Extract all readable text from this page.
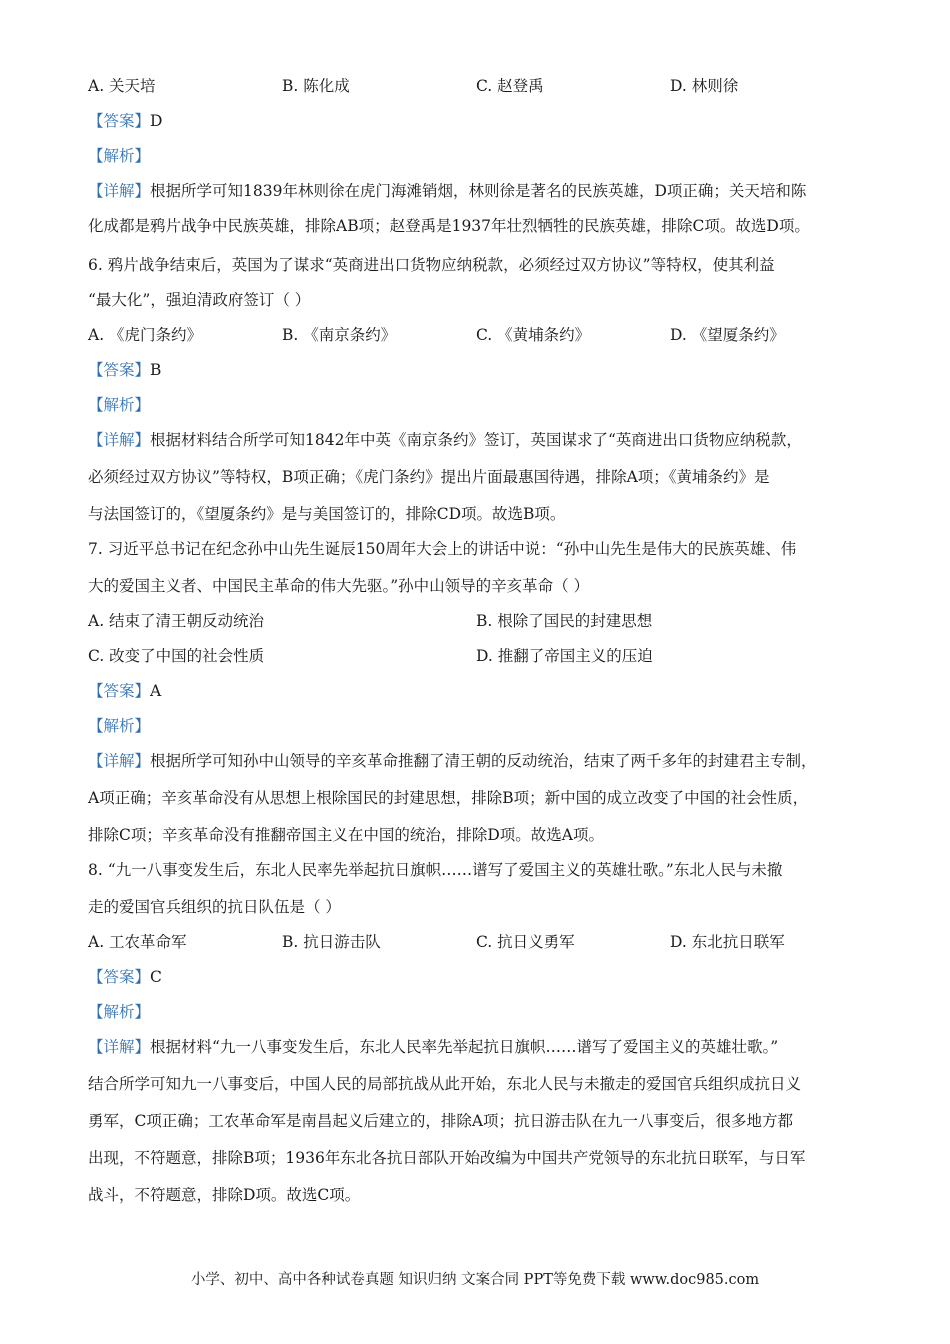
A. 关天培	B. 陈化成	C. 赵登禹	D. 林则徐
【答案】D
【解析】
【详解】根据所学可知1839年林则徐在虎门海滩销烟，林则徐是著名的民族英雄，D项正确；关天培和陈
化成都是鸦片战争中民族英雄，排除AB项；赵登禹是1937年壮烈牺牲的民族英雄，排除C项。故选D项。
6. 鸦片战争结束后，英国为了谋求“英商进出口货物应纳税款，必须经过双方协议”等特权，使其利益
“最大化”，强迫清政府签订（ ）
A. 《虎门条约》	B. 《南京条约》	C. 《黄埔条约》	D. 《望厦条约》
【答案】B
【解析】
【详解】根据材料结合所学可知1842年中英《南京条约》签订，英国谋求了“英商进出口货物应纳税款，
必须经过双方协议”等特权，B项正确；《虎门条约》提出片面最惠国待遇，排除A项；《黄埔条约》是
与法国签订的，《望厦条约》是与美国签订的，排除CD项。故选B项。
7. 习近平总书记在纪念孙中山先生诞辰150周年大会上的讲话中说：“孙中山先生是伟大的民族英雄、伟
大的爱国主义者、中国民主革命的伟大先驱。”孙中山领导的辛亥革命（ ）
A. 结束了清王朝反动统治	B. 根除了国民的封建思想
C. 改变了中国的社会性质	D. 推翻了帝国主义的压迫
【答案】A
【解析】
【详解】根据所学可知孙中山领导的辛亥革命推翻了清王朝的反动统治，结束了两千多年的封建君主专制，
A项正确；辛亥革命没有从思想上根除国民的封建思想，排除B项；新中国的成立改变了中国的社会性质，
排除C项；辛亥革命没有推翻帝国主义在中国的统治，排除D项。故选A项。
8. “九一八事变发生后，东北人民率先举起抗日旗帜……谱写了爱国主义的英雄壮歌。”东北人民与未撤
走的爱国官兵组织的抗日队伍是（ ）
A. 工农革命军	B. 抗日游击队	C. 抗日义勇军	D. 东北抗日联军
【答案】C
【解析】
【详解】根据材料“九一八事变发生后，东北人民率先举起抗日旗帜……谱写了爱国主义的英雄壮歌。”
结合所学可知九一八事变后，中国人民的局部抗战从此开始，东北人民与未撤走的爱国官兵组织成抗日义
勇军，C项正确；工农革命军是南昌起义后建立的，排除A项；抗日游击队在九一八事变后，很多地方都
出现，不符题意，排除B项；1936年东北各抗日部队开始改编为中国共产党领导的东北抗日联军，与日军
战斗，不符题意，排除D项。故选C项。
小学、初中、高中各种试卷真题 知识归纳 文案合同 PPT等免费下载 www.doc985.com
